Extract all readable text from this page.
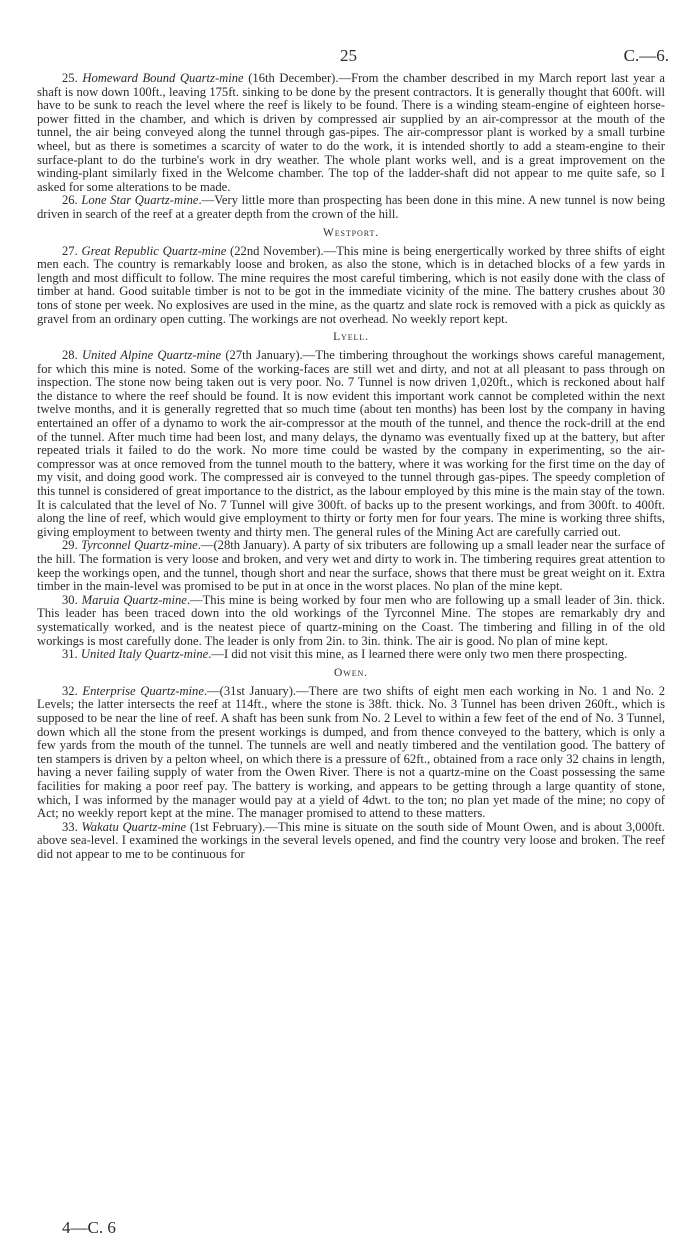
25	C.—6.

25. Homeward Bound Quartz-mine (16th December).—From the chamber described in my March report last year a shaft is now down 100ft., leaving 175ft. sinking to be done by the present contractors. It is generally thought that 600ft. will have to be sunk to reach the level where the reef is likely to be found. There is a winding steam-engine of eighteen horse-power fitted in the chamber, and which is driven by compressed air supplied by an air-compressor at the mouth of the tunnel, the air being conveyed along the tunnel through gas-pipes. The air-compressor plant is worked by a small turbine wheel, but as there is sometimes a scarcity of water to do the work, it is intended shortly to add a steam-engine to their surface-plant to do the turbine's work in dry weather. The whole plant works well, and is a great improvement on the winding-plant similarly fixed in the Welcome chamber. The top of the ladder-shaft did not appear to me quite safe, so I asked for some alterations to be made.

26. Lone Star Quartz-mine.—Very little more than prospecting has been done in this mine. A new tunnel is now being driven in search of the reef at a greater depth from the crown of the hill.

Westport.

27. Great Republic Quartz-mine (22nd November).—This mine is being energertically worked by three shifts of eight men each. The country is remarkably loose and broken, as also the stone, which is in detached blocks of a few yards in length and most difficult to follow. The mine requires the most careful timbering, which is not easily done with the class of timber at hand. Good suitable timber is not to be got in the immediate vicinity of the mine. The battery crushes about 30 tons of stone per week. No explosives are used in the mine, as the quartz and slate rock is removed with a pick as quickly as gravel from an ordinary open cutting. The workings are not overhead. No weekly report kept.

Lyell.

28. United Alpine Quartz-mine (27th January).—The timbering throughout the workings shows careful management, for which this mine is noted. Some of the working-faces are still wet and dirty, and not at all pleasant to pass through on inspection. The stone now being taken out is very poor. No. 7 Tunnel is now driven 1,020ft., which is reckoned about half the distance to where the reef should be found. It is now evident this important work cannot be completed within the next twelve months, and it is generally regretted that so much time (about ten months) has been lost by the company in having entertained an offer of a dynamo to work the air-compressor at the mouth of the tunnel, and thence the rock-drill at the end of the tunnel. After much time had been lost, and many delays, the dynamo was eventually fixed up at the battery, but after repeated trials it failed to do the work. No more time could be wasted by the company in experimenting, so the air-compressor was at once removed from the tunnel mouth to the battery, where it was working for the first time on the day of my visit, and doing good work. The compressed air is conveyed to the tunnel through gas-pipes. The speedy completion of this tunnel is considered of great importance to the district, as the labour employed by this mine is the main stay of the town. It is calculated that the level of No. 7 Tunnel will give 300ft. of backs up to the present workings, and from 300ft. to 400ft. along the line of reef, which would give employment to thirty or forty men for four years. The mine is working three shifts, giving employment to between twenty and thirty men. The general rules of the Mining Act are carefully carried out.

29. Tyrconnel Quartz-mine.—(28th January). A party of six tributers are following up a small leader near the surface of the hill. The formation is very loose and broken, and very wet and dirty to work in. The timbering requires great attention to keep the workings open, and the tunnel, though short and near the surface, shows that there must be great weight on it. Extra timber in the main-level was promised to be put in at once in the worst places. No plan of the mine kept.

30. Maruia Quartz-mine.—This mine is being worked by four men who are following up a small leader of 3in. thick. This leader has been traced down into the old workings of the Tyrconnel Mine. The stopes are remarkably dry and systematically worked, and is the neatest piece of quartz-mining on the Coast. The timbering and filling in of the old workings is most carefully done. The leader is only from 2in. to 3in. think. The air is good. No plan of mine kept.

31. United Italy Quartz-mine.—I did not visit this mine, as I learned there were only two men there prospecting.

Owen.

32. Enterprise Quartz-mine.—(31st January).—There are two shifts of eight men each working in No. 1 and No. 2 Levels; the latter intersects the reef at 114ft., where the stone is 38ft. thick. No. 3 Tunnel has been driven 260ft., which is supposed to be near the line of reef. A shaft has been sunk from No. 2 Level to within a few feet of the end of No. 3 Tunnel, down which all the stone from the present workings is dumped, and from thence conveyed to the battery, which is only a few yards from the mouth of the tunnel. The tunnels are well and neatly timbered and the ventilation good. The battery of ten stampers is driven by a pelton wheel, on which there is a pressure of 62ft., obtained from a race only 32 chains in length, having a never failing supply of water from the Owen River. There is not a quartz-mine on the Coast possessing the same facilities for making a poor reef pay. The battery is working, and appears to be getting through a large quantity of stone, which, I was informed by the manager would pay at a yield of 4dwt. to the ton; no plan yet made of the mine; no copy of Act; no weekly report kept at the mine. The manager promised to attend to these matters.

33. Wakatu Quartz-mine (1st February).—This mine is situate on the south side of Mount Owen, and is about 3,000ft. above sea-level. I examined the workings in the several levels opened, and find the country very loose and broken. The reef did not appear to me to be continuous for

4—C. 6
